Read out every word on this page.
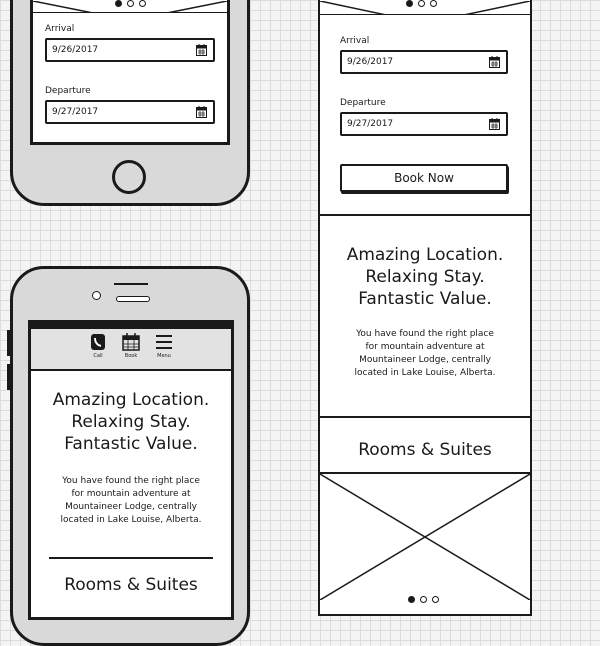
Arrival
9/26/2017
Departure
9/27/2017
Call	Book	Menu
Amazing Location.
Relaxing Stay.
Fantastic Value.
You have found the right place
for mountain adventure at
Mountaineer Lodge, centrally
located in Lake Louise, Alberta.
Rooms & Suites
Arrival
9/26/2017
Departure
9/27/2017
Book Now
Amazing Location.
Relaxing Stay.
Fantastic Value.
You have found the right place
for mountain adventure at
Mountaineer Lodge, centrally
located in Lake Louise, Alberta.
Rooms & Suites
